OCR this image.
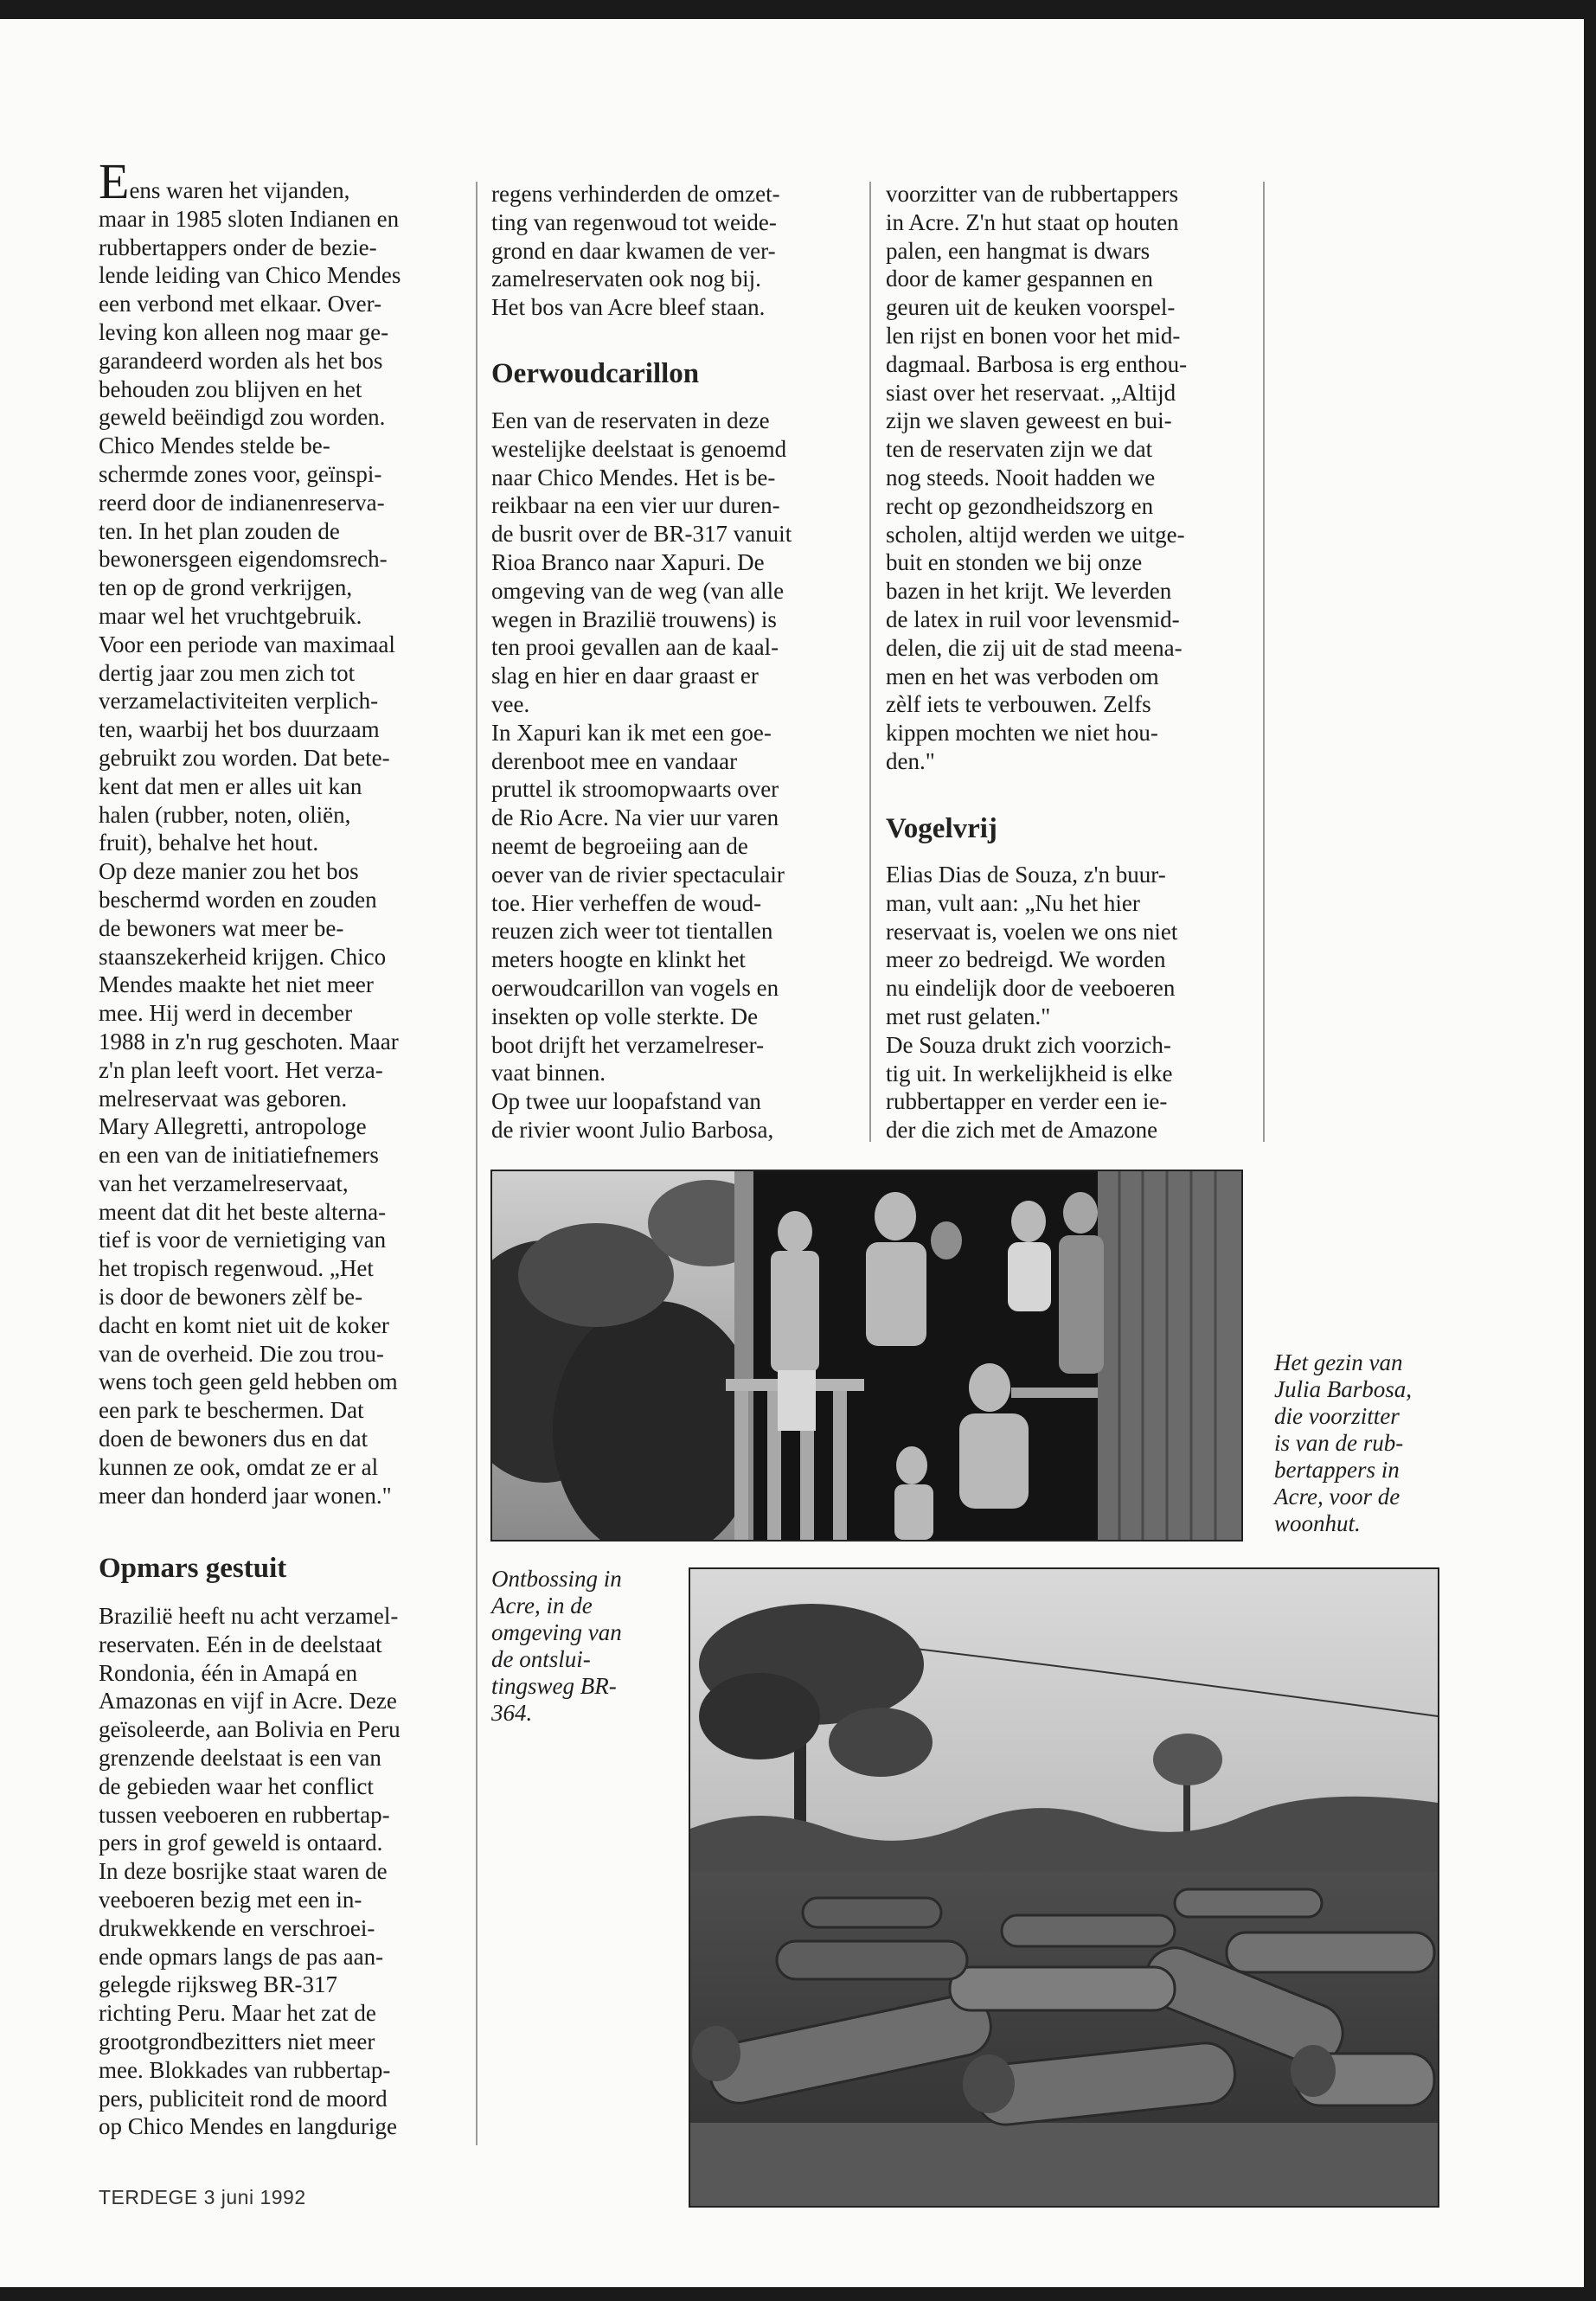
Eens waren het vijanden,
maar in 1985 sloten Indianen en
rubbertappers onder de bezie-
lende leiding van Chico Mendes
een verbond met elkaar. Over-
leving kon alleen nog maar ge-
garandeerd worden als het bos
behouden zou blijven en het
geweld beëindigd zou worden.
Chico Mendes stelde be-
schermde zones voor, geïnspi-
reerd door de indianenreserva-
ten. In het plan zouden de
bewonersgeen eigendomsrech-
ten op de grond verkrijgen,
maar wel het vruchtgebruik.
Voor een periode van maximaal
dertig jaar zou men zich tot
verzamelactiviteiten verplich-
ten, waarbij het bos duurzaam
gebruikt zou worden. Dat bete-
kent dat men er alles uit kan
halen (rubber, noten, oliën,
fruit), behalve het hout.
Op deze manier zou het bos
beschermd worden en zouden
de bewoners wat meer be-
staanszekerheid krijgen. Chico
Mendes maakte het niet meer
mee. Hij werd in december
1988 in z'n rug geschoten. Maar
z'n plan leeft voort. Het verza-
melreservaat was geboren.
Mary Allegretti, antropologe
en een van de initiatiefnemers
van het verzamelreservaat,
meent dat dit het beste alterna-
tief is voor de vernietiging van
het tropisch regenwoud. „Het
is door de bewoners zèlf be-
dacht en komt niet uit de koker
van de overheid. Die zou trou-
wens toch geen geld hebben om
een park te beschermen. Dat
doen de bewoners dus en dat
kunnen ze ook, omdat ze er al
meer dan honderd jaar wonen."
Opmars gestuit
Brazilië heeft nu acht verzamel-
reservaten. Eén in de deelstaat
Rondonia, één in Amapá en
Amazonas en vijf in Acre. Deze
geïsoleerde, aan Bolivia en Peru
grenzende deelstaat is een van
de gebieden waar het conflict
tussen veeboeren en rubbertap-
pers in grof geweld is ontaard.
In deze bosrijke staat waren de
veeboeren bezig met een in-
drukwekkende en verschroei-
ende opmars langs de pas aan-
gelegde rijksweg BR-317
richting Peru. Maar het zat de
grootgrondbezitters niet meer
mee. Blokkades van rubbertap-
pers, publiciteit rond de moord
op Chico Mendes en langdurige
regens verhinderden de omzet-
ting van regenwoud tot weide-
grond en daar kwamen de ver-
zamelreservaten ook nog bij.
Het bos van Acre bleef staan.
Oerwoudcarillon
Een van de reservaten in deze
westelijke deelstaat is genoemd
naar Chico Mendes. Het is be-
reikbaar na een vier uur duren-
de busrit over de BR-317 vanuit
Rioa Branco naar Xapuri. De
omgeving van de weg (van alle
wegen in Brazilië trouwens) is
ten prooi gevallen aan de kaal-
slag en hier en daar graast er
vee.
In Xapuri kan ik met een goe-
derenboot mee en vandaar
pruttel ik stroomopwaarts over
de Rio Acre. Na vier uur varen
neemt de begroeiing aan de
oever van de rivier spectaculair
toe. Hier verheffen de woud-
reuzen zich weer tot tientallen
meters hoogte en klinkt het
oerwoudcarillon van vogels en
insekten op volle sterkte. De
boot drijft het verzamelreser-
vaat binnen.
Op twee uur loopafstand van
de rivier woont Julio Barbosa,
voorzitter van de rubbertappers
in Acre. Z'n hut staat op houten
palen, een hangmat is dwars
door de kamer gespannen en
geuren uit de keuken voorspel-
len rijst en bonen voor het mid-
dagmaal. Barbosa is erg enthou-
siast over het reservaat. „Altijd
zijn we slaven geweest en bui-
ten de reservaten zijn we dat
nog steeds. Nooit hadden we
recht op gezondheidszorg en
scholen, altijd werden we uitge-
buit en stonden we bij onze
bazen in het krijt. We leverden
de latex in ruil voor levensmid-
delen, die zij uit de stad meena-
men en het was verboden om
zèlf iets te verbouwen. Zelfs
kippen mochten we niet hou-
den."
Vogelvrij
Elias Dias de Souza, z'n buur-
man, vult aan: „Nu het hier
reservaat is, voelen we ons niet
meer zo bedreigd. We worden
nu eindelijk door de veeboeren
met rust gelaten."
De Souza drukt zich voorzich-
tig uit. In werkelijkheid is elke
rubbertapper en verder een ie-
der die zich met de Amazone
Het gezin van
Julia Barbosa,
die voorzitter
is van de rub-
bertappers in
Acre, voor de
woonhut.
Ontbossing in
Acre, in de
omgeving van
de ontslui-
tingsweg BR-
364.
TERDEGE 3 juni 1992
